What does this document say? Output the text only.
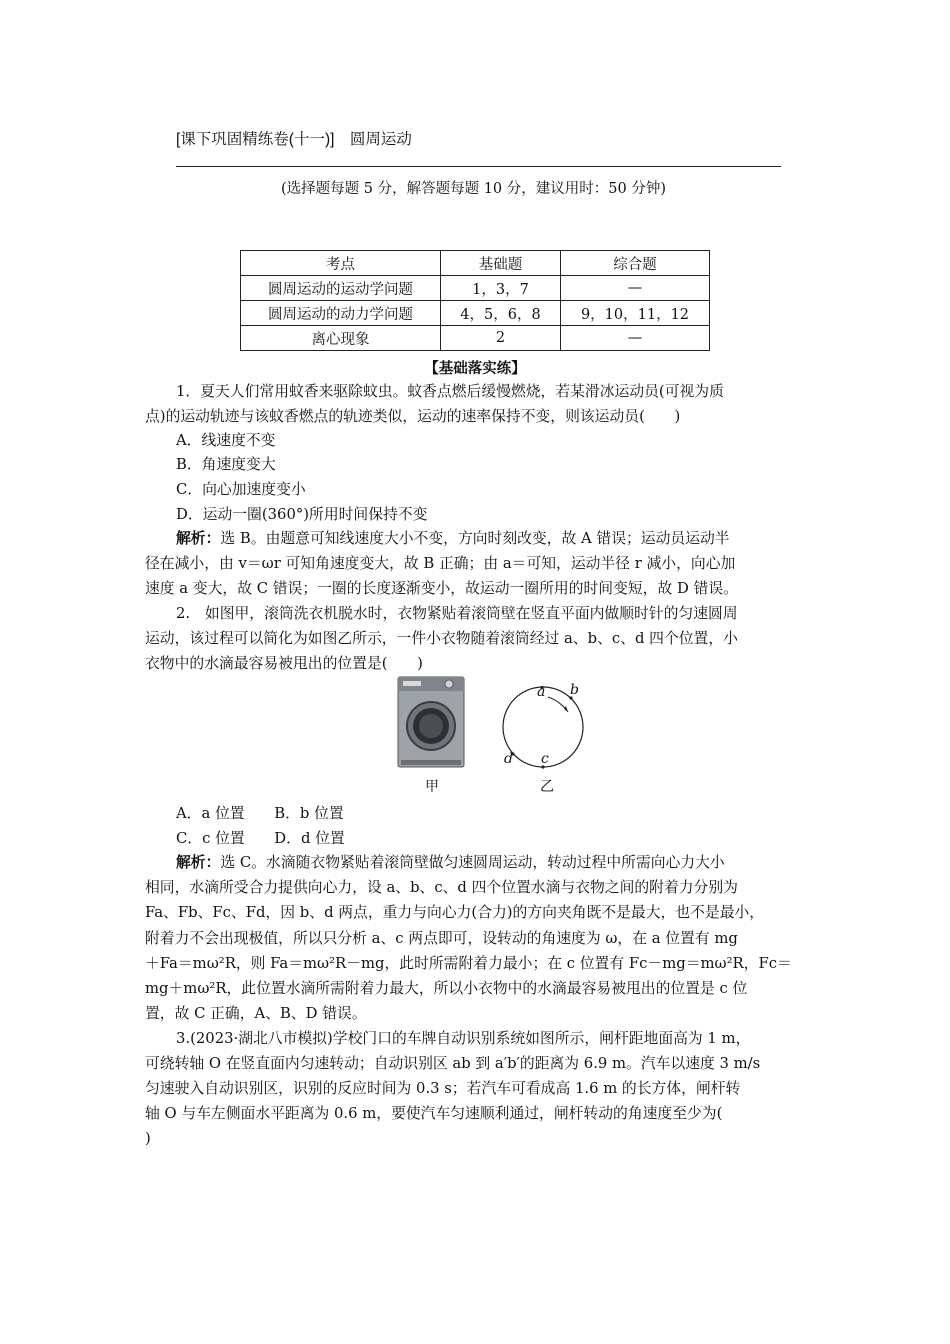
[课下巩固精练卷(十一)]　圆周运动
(选择题每题 5 分，解答题每题 10 分，建议用时：50 分钟)
考点	基础题	综合题
圆周运动的运动学问题	1，3，7	—
圆周运动的动力学问题	4，5，6，8	9，10，11，12
离心现象	2	—
【基础落实练】
1．夏天人们常用蚊香来驱除蚊虫。蚊香点燃后缓慢燃烧，若某滑冰运动员(可视为质
点)的运动轨迹与该蚊香燃点的轨迹类似，运动的速率保持不变，则该运动员(　　)
A．线速度不变
B．角速度变大
C．向心加速度变小
D．运动一圈(360°)所用时间保持不变
解析：选 B。由题意可知线速度大小不变，方向时刻改变，故 A 错误；运动员运动半
径在减小，由 v＝ωr 可知角速度变大，故 B 正确；由 a＝可知，运动半径 r 减小，向心加
速度 a 变大，故 C 错误；一圈的长度逐渐变小，故运动一圈所用的时间变短，故 D 错误。
2.　如图甲，滚筒洗衣机脱水时，衣物紧贴着滚筒壁在竖直平面内做顺时针的匀速圆周
运动，该过程可以简化为如图乙所示，一件小衣物随着滚筒经过 a、b、c、d 四个位置，小
衣物中的水滴最容易被甩出的位置是(　　)
甲
a b
c
d
乙
A．a 位置　　B．b 位置
C．c 位置　　D．d 位置
解析：选 C。水滴随衣物紧贴着滚筒壁做匀速圆周运动，转动过程中所需向心力大小
相同，水滴所受合力提供向心力，设 a、b、c、d 四个位置水滴与衣物之间的附着力分别为
Fa、Fb、Fc、Fd，因 b、d 两点，重力与向心力(合力)的方向夹角既不是最大，也不是最小，
附着力不会出现极值，所以只分析 a、c 两点即可，设转动的角速度为 ω，在 a 位置有 mg
＋Fa＝mω²R，则 Fa＝mω²R－mg，此时所需附着力最小；在 c 位置有 Fc－mg＝mω²R，Fc＝
mg＋mω²R，此位置水滴所需附着力最大，所以小衣物中的水滴最容易被甩出的位置是 c 位
置，故 C 正确，A、B、D 错误。
3.(2023·湖北八市模拟)学校门口的车牌自动识别系统如图所示，闸杆距地面高为 1 m，
可绕转轴 O 在竖直面内匀速转动；自动识别区 ab 到 a′b′的距离为 6.9 m。汽车以速度 3 m/s
匀速驶入自动识别区，识别的反应时间为 0.3 s；若汽车可看成高 1.6 m 的长方体，闸杆转
轴 O 与车左侧面水平距离为 0.6 m，要使汽车匀速顺利通过，闸杆转动的角速度至少为(
)
